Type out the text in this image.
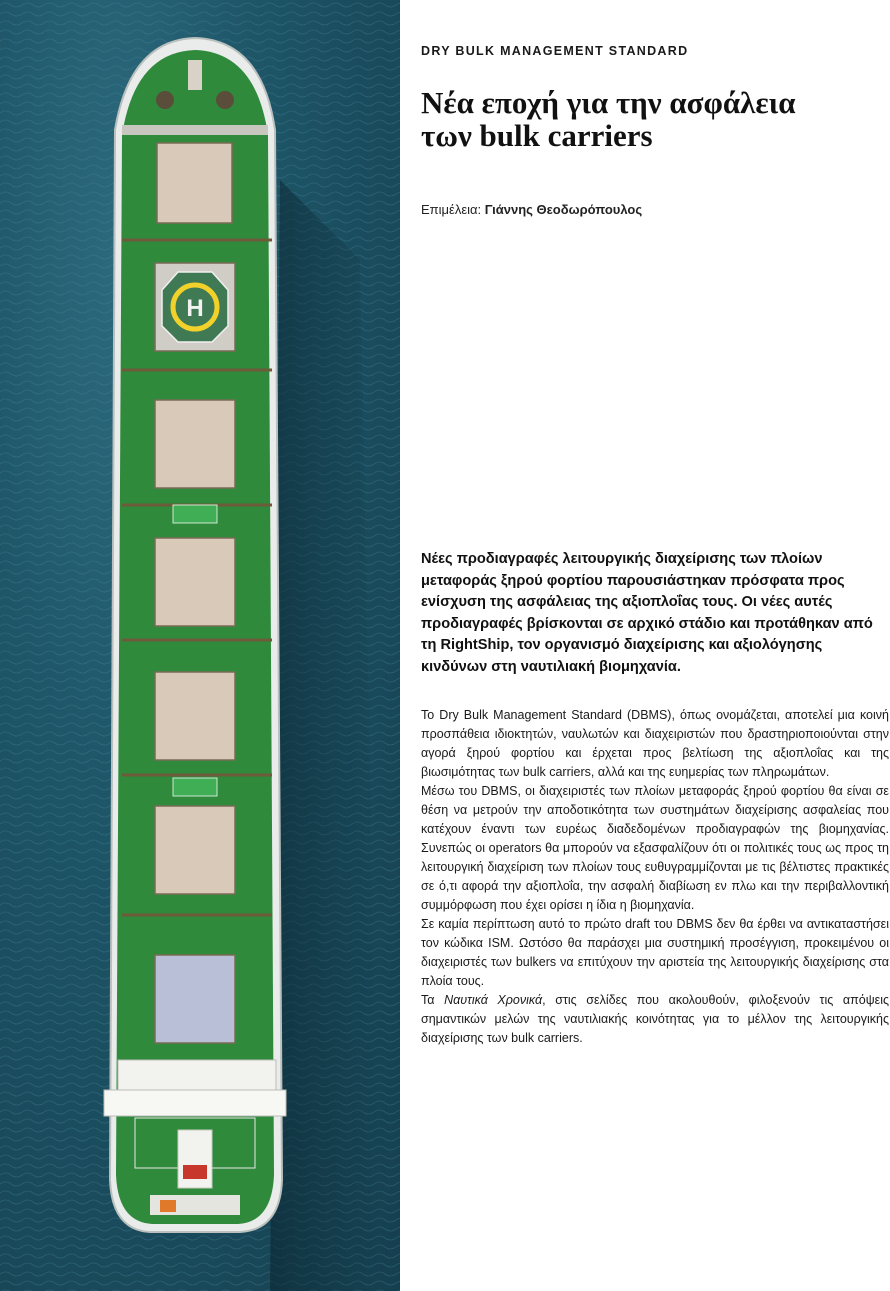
H
DRY BULK MANAGEMENT STANDARD
Νέα εποχή για την ασφάλεια
των bulk carriers
Επιμέλεια: Γιάννης Θεοδωρόπουλος

Νέες προδιαγραφές λειτουργικής διαχείρισης των πλοίων μεταφοράς ξηρού φορτίου παρουσιάστηκαν πρόσφατα προς ενίσχυση της ασφάλειας της αξιοπλοΐας τους. Οι νέες αυτές προδιαγραφές βρίσκονται σε αρχικό στάδιο και προτάθηκαν από τη RightShip, τον οργανισμό διαχείρισης και αξιολόγησης κινδύνων στη ναυτιλιακή βιομηχανία.

Το Dry Bulk Management Standard (DBMS), όπως ονομάζεται, αποτελεί μια κοινή προσπάθεια ιδιοκτητών, ναυλωτών και διαχειριστών που δραστηριοποιούνται στην αγορά ξηρού φορτίου και έρχεται προς βελτίωση της αξιοπλοΐας και της βιωσιμότητας των bulk carriers, αλλά και της ευημερίας των πληρωμάτων.

Μέσω του DBMS, οι διαχειριστές των πλοίων μεταφοράς ξηρού φορτίου θα είναι σε θέση να μετρούν την αποδοτικότητα των συστημάτων διαχείρισης ασφαλείας που κατέχουν έναντι των ευρέως διαδεδομένων προδιαγραφών της βιομηχανίας. Συνεπώς οι operators θα μπορούν να εξασφαλίζουν ότι οι πολιτικές τους ως προς τη λειτουργική διαχείριση των πλοίων τους ευθυγραμμίζονται με τις βέλτιστες πρακτικές σε ό,τι αφορά την αξιοπλοΐα, την ασφαλή διαβίωση εν πλω και την περιβαλλοντική συμμόρφωση που έχει ορίσει η ίδια η βιομηχανία.

Σε καμία περίπτωση αυτό το πρώτο draft του DBMS δεν θα έρθει να αντικαταστήσει τον κώδικα ISM. Ωστόσο θα παράσχει μια συστημική προσέγγιση, προκειμένου οι διαχειριστές των bulkers να επιτύχουν την αριστεία της λειτουργικής διαχείρισης στα πλοία τους.

Τα Ναυτικά Χρονικά, στις σελίδες που ακολουθούν, φιλοξενούν τις απόψεις σημαντικών μελών της ναυτιλιακής κοινότητας για το μέλλον της λειτουργικής διαχείρισης των bulk carriers.
